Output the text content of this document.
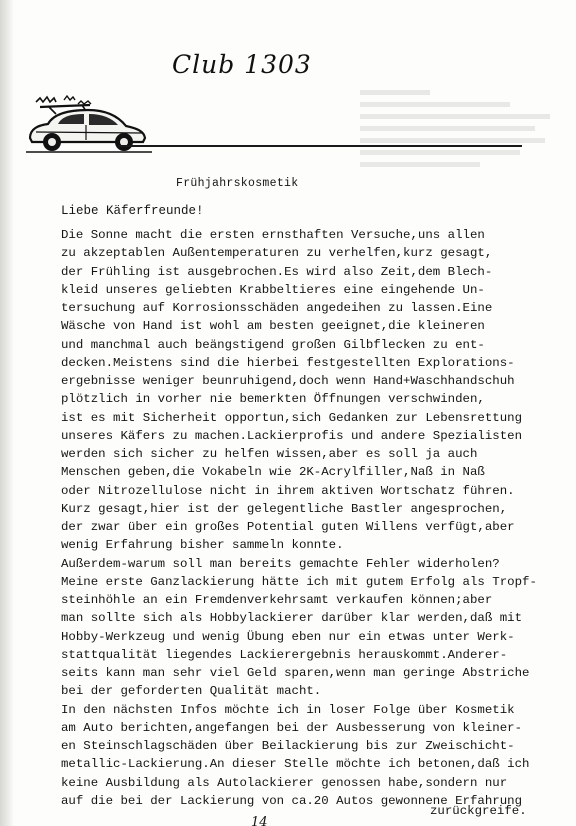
Club 1303
Frühjahrskosmetik
Liebe Käferfreunde!
Die Sonne macht die ersten ernsthaften Versuche,uns allen
zu akzeptablen Außentemperaturen zu verhelfen,kurz gesagt,
der Frühling ist ausgebrochen.Es wird also Zeit,dem Blech-
kleid unseres geliebten Krabbeltieres eine eingehende Un-
tersuchung auf Korrosionsschäden angedeihen zu lassen.Eine
Wäsche von Hand ist wohl am besten geeignet,die kleineren
und manchmal auch beängstigend großen Gilbflecken zu ent-
decken.Meistens sind die hierbei festgestellten Explorations-
ergebnisse weniger beunruhigend,doch wenn Hand+Waschhandschuh
plötzlich in vorher nie bemerkten Öffnungen verschwinden,
ist es mit Sicherheit opportun,sich Gedanken zur Lebensrettung
unseres Käfers zu machen.Lackierprofis und andere Spezialisten
werden sich sicher zu helfen wissen,aber es soll ja auch
Menschen geben,die Vokabeln wie 2K-Acrylfiller,Naß in Naß
oder Nitrozellulose nicht in ihrem aktiven Wortschatz führen.
Kurz gesagt,hier ist der gelegentliche Bastler angesprochen,
der zwar über ein großes Potential guten Willens verfügt,aber
wenig Erfahrung bisher sammeln konnte.
Außerdem-warum soll man bereits gemachte Fehler widerholen?
Meine erste Ganzlackierung hätte ich mit gutem Erfolg als Tropf-
steinhöhle an ein Fremdenverkehrsamt verkaufen können;aber
man sollte sich als Hobbylackierer darüber klar werden,daß mit
Hobby-Werkzeug und wenig Übung eben nur ein etwas unter Werk-
stattqualität liegendes Lackierergebnis herauskommt.Anderer-
seits kann man sehr viel Geld sparen,wenn man geringe Abstriche
bei der geforderten Qualität macht.
In den nächsten Infos möchte ich in loser Folge über Kosmetik
am Auto berichten,angefangen bei der Ausbesserung von kleiner-
en Steinschlagschäden über Beilackierung bis zur Zweischicht-
metallic-Lackierung.An dieser Stelle möchte ich betonen,daß ich
keine Ausbildung als Autolackierer genossen habe,sondern nur
auf die bei der Lackierung von ca.20 Autos gewonnene Erfahrung
zurückgreife.
14
